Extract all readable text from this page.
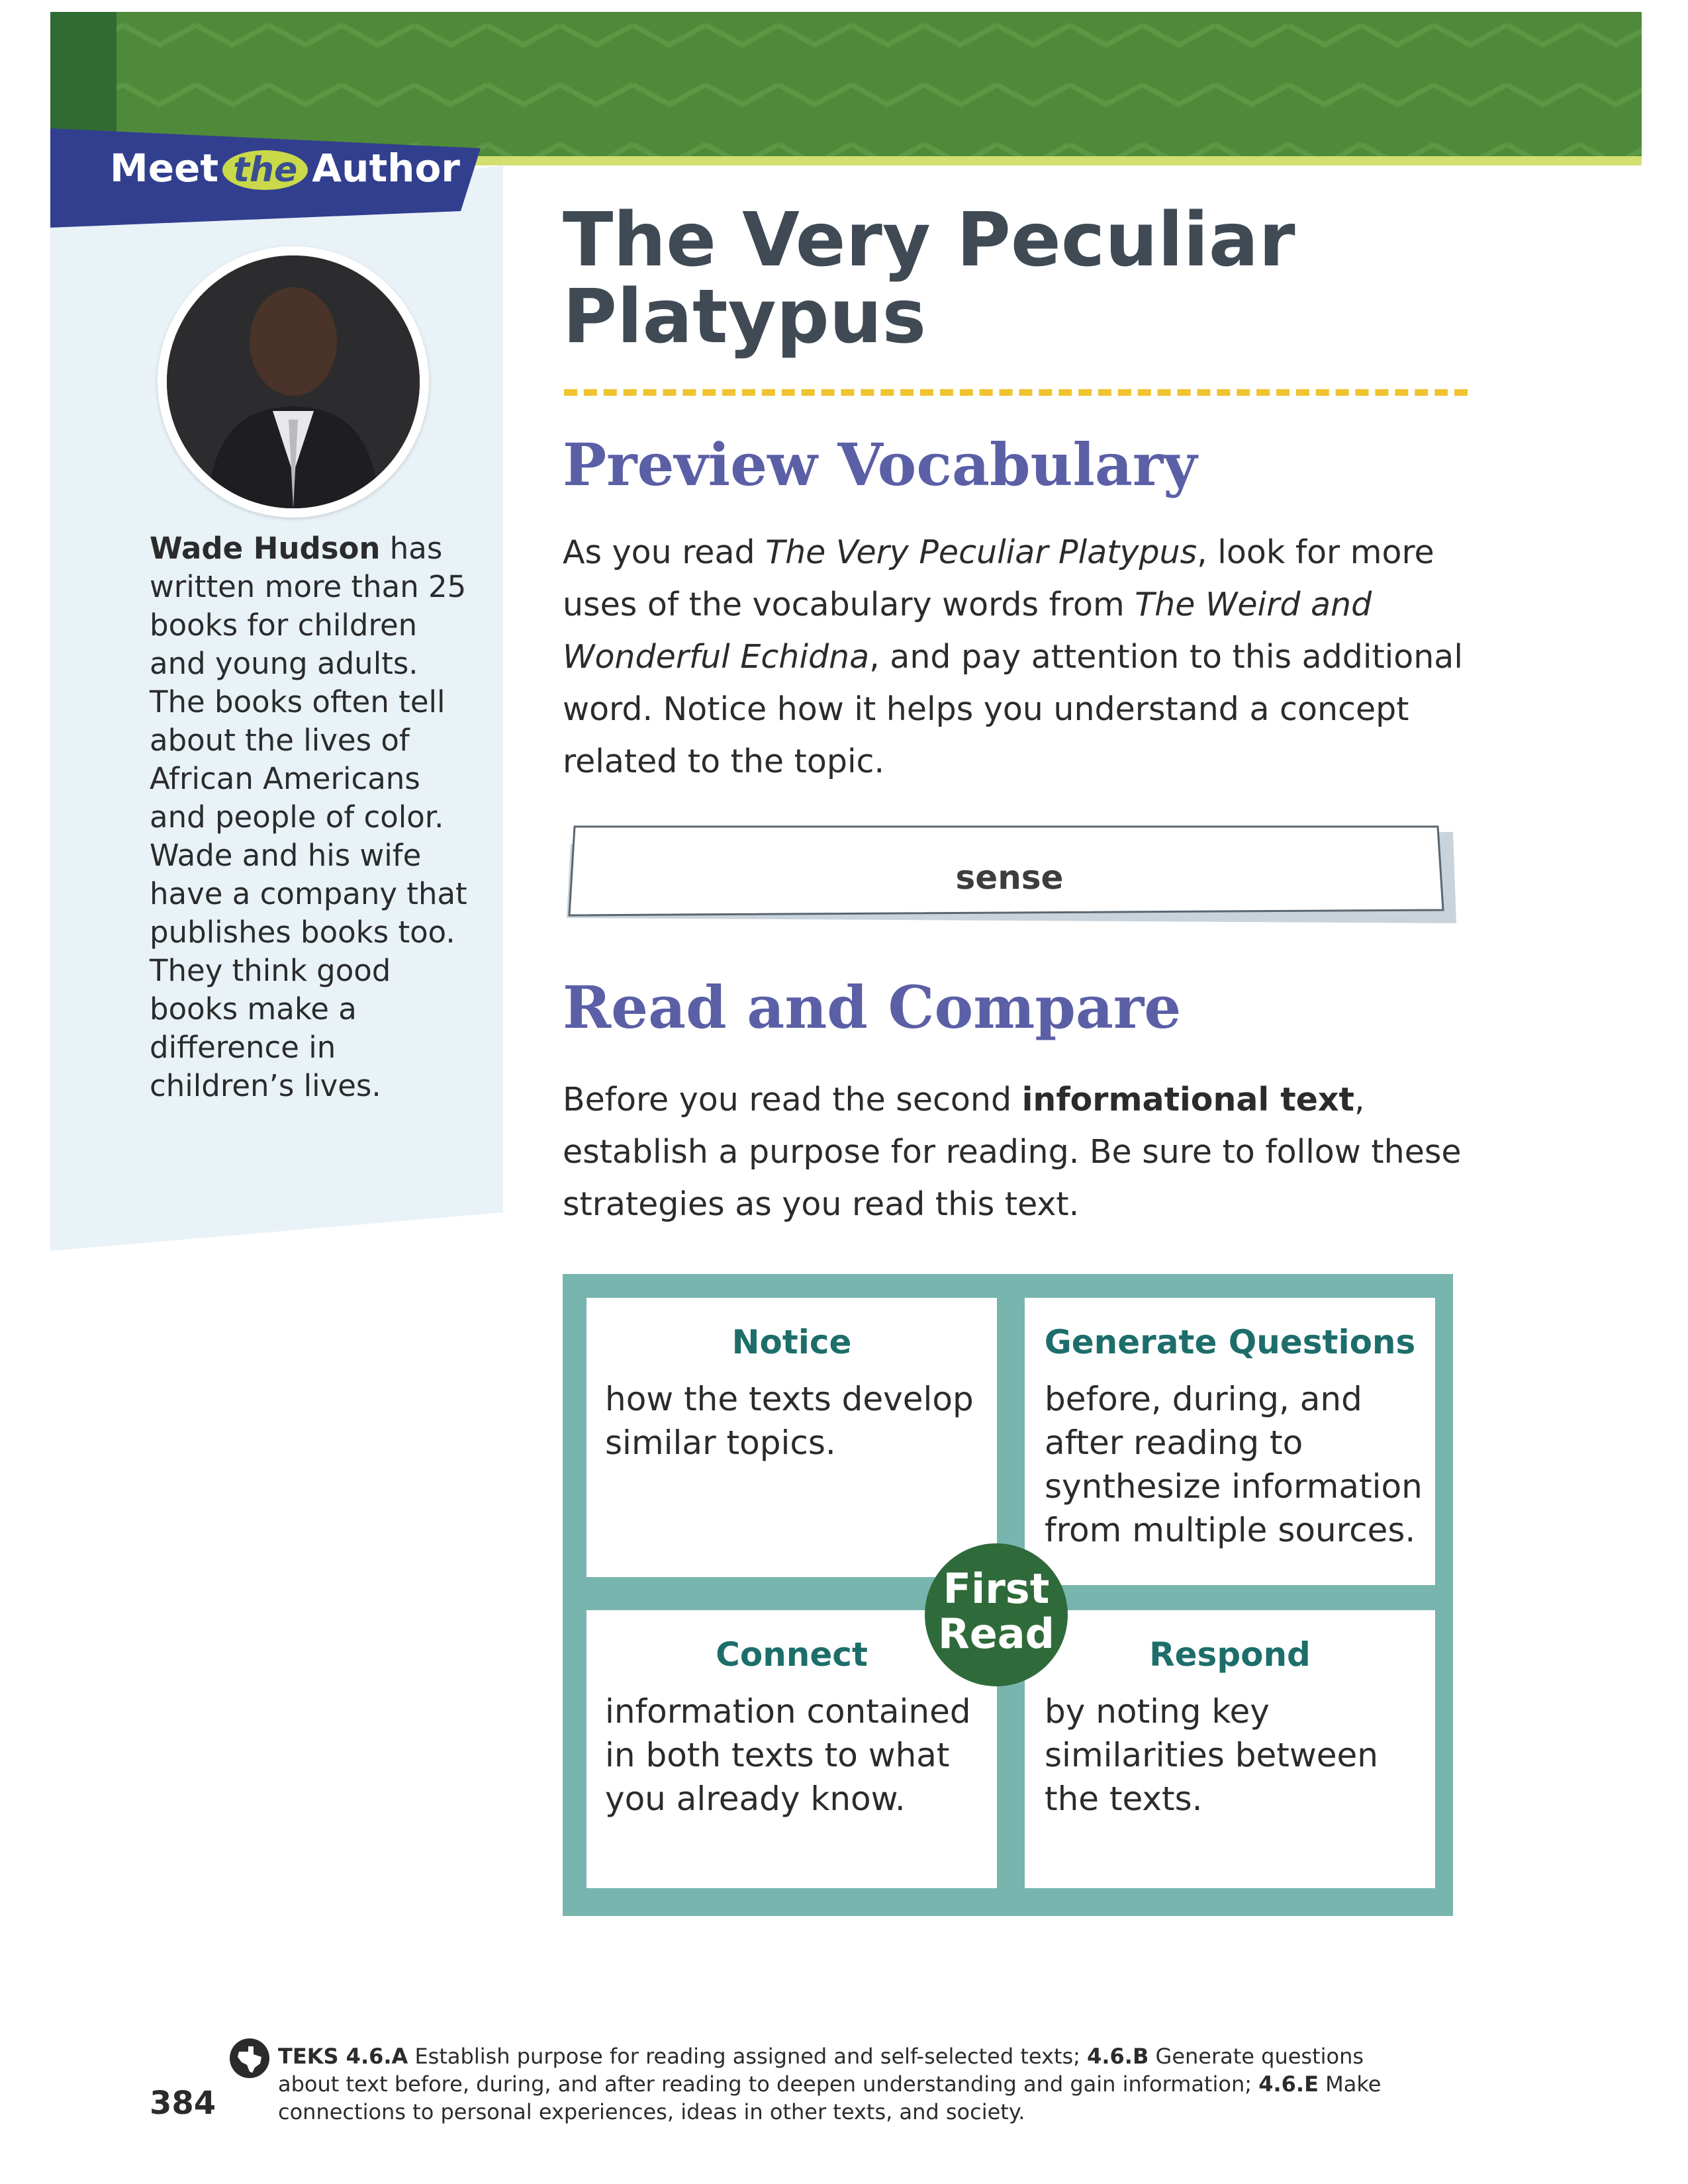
Meet the Author
Wade Hudson has written more than 25 books for children and young adults. The books often tell about the lives of African Americans and people of color. Wade and his wife have a company that publishes books too. They think good books make a difference in children’s lives.
The Very Peculiar Platypus
Preview Vocabulary
As you read The Very Peculiar Platypus, look for more uses of the vocabulary words from The Weird and Wonderful Echidna, and pay attention to this additional word. Notice how it helps you understand a concept related to the topic.
sense
Read and Compare
Before you read the second informational text, establish a purpose for reading. Be sure to follow these strategies as you read this text.
Notice
how the texts develop similar topics.
Generate Questions
before, during, and after reading to synthesize information from multiple sources.
Connect
information contained in both texts to what you already know.
Respond
by noting key similarities between the texts.
First
Read
384
TEKS 4.6.A Establish purpose for reading assigned and self-selected texts; 4.6.B Generate questions about text before, during, and after reading to deepen understanding and gain information; 4.6.E Make connections to personal experiences, ideas in other texts, and society.
